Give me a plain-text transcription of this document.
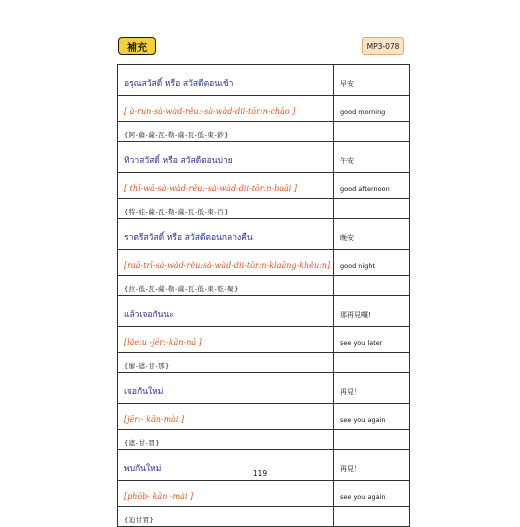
補充	MP3-078
อรุณสวัสดิ์ หรือ สวัสดีตอนเช้า	早安
[ à-run-sà-wàd-rěu:-sà-wàd-dii-tōr:n-chāo ]	good morning
{阿-倫-薩-瓦-勒-薩-瓦-低-東-鈔}	
ทิวาสวัสดิ์ หรือ สวัสดีตอนบ่าย	午安
[ thī-wā-sà-wàd-rěu:-sà-wàd-dii-tōr:n-baāi ]	good afternoon
{特-娃-薩-瓦-勒-薩-瓦-低-東-百}	
ราตรีสวัสดิ์ หรือ สวัสดีตอนกลางคืน	晚安
[raā-trī-sà-wàd-rěu:sà-wàd-dii-tōr:n-klaāng-khěu:n]	good night
{拉-低-瓦-薩-勒-薩-瓦-低-東-乾-聚}	
แล้วเจอกันนะ	那再見囉!
[lǎe:u -jēr:-kān-nā ]	see you later
{廖-遮-甘-那}	
เจอกันใหม่	再見！
[jēr:- kān-mài ]	see you again
{遮-甘-買}	
พบกันใหม่	再見！
[phōb- kān -mài ]	see you again
{迫甘買}	
119
